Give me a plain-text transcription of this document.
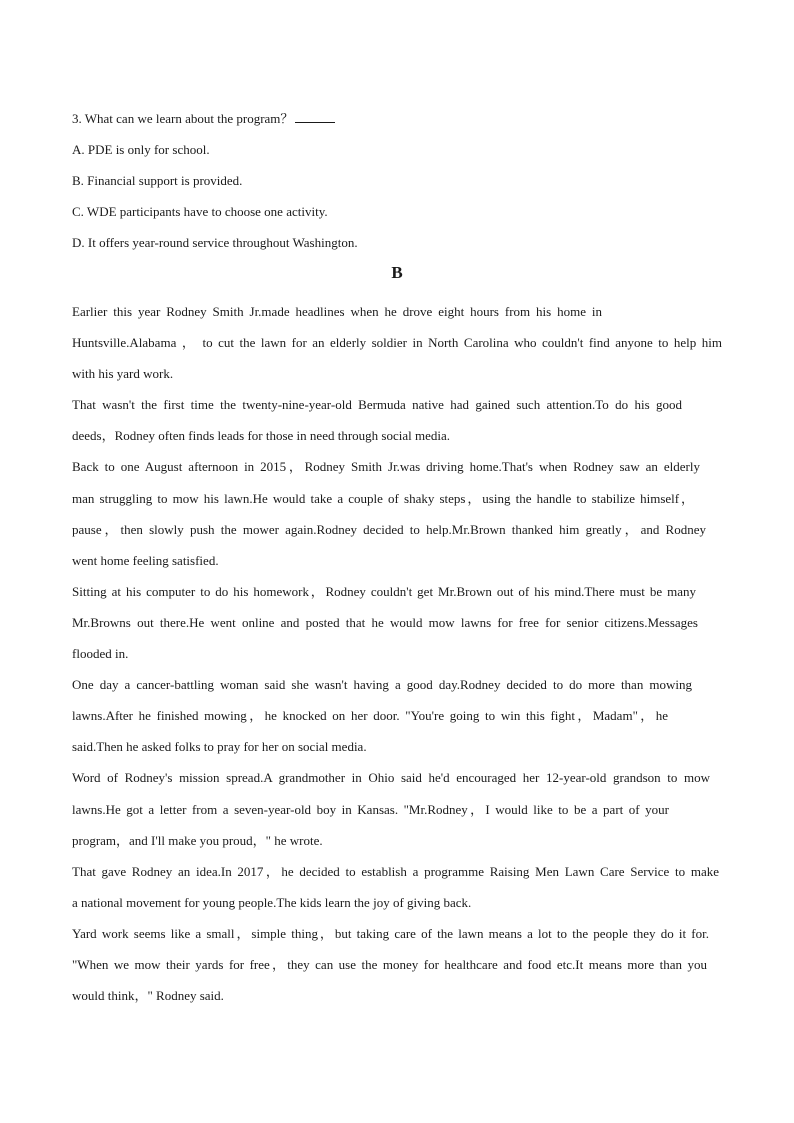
3. What can we learn about the program？
A. PDE is only for school.
B. Financial support is provided.
C. WDE participants have to choose one activity.
D. It offers year-round service throughout Washington.
B
Earlier this year Rodney Smith Jr.made headlines when he drove eight hours from his home in
Huntsville.Alabama ， to cut the lawn for an elderly soldier in North Carolina who couldn't find anyone to help him
with his yard work.
That wasn't the first time the twenty-nine-year-old Bermuda native had gained such attention.To do his good
deeds，Rodney often finds leads for those in need through social media.
Back to one August afternoon in 2015，Rodney Smith Jr.was driving home.That's when Rodney saw an elderly
man struggling to mow his lawn.He would take a couple of shaky steps，using the handle to stabilize himself，
pause，then slowly push the mower again.Rodney decided to help.Mr.Brown thanked him greatly，and Rodney
went home feeling satisfied.
Sitting at his computer to do his homework，Rodney couldn't get Mr.Brown out of his mind.There must be many
Mr.Browns out there.He went online and posted that he would mow lawns for free for senior citizens.Messages
flooded in.
One day a cancer-battling woman said she wasn't having a good day.Rodney decided to do more than mowing
lawns.After he finished mowing，he knocked on her door. "You're going to win this fight，Madam"，he
said.Then he asked folks to pray for her on social media.
Word of Rodney's mission spread.A grandmother in Ohio said he'd encouraged her 12-year-old grandson to mow
lawns.He got a letter from a seven-year-old boy in Kansas. "Mr.Rodney，I would like to be a part of your
program，and I'll make you proud，" he wrote.
That gave Rodney an idea.In 2017，he decided to establish a programme Raising Men Lawn Care Service to make
a national movement for young people.The kids learn the joy of giving back.
Yard work seems like a small，simple thing，but taking care of the lawn means a lot to the people they do it for.
"When we mow their yards for free，they can use the money for healthcare and food etc.It means more than you
would think，" Rodney said.
